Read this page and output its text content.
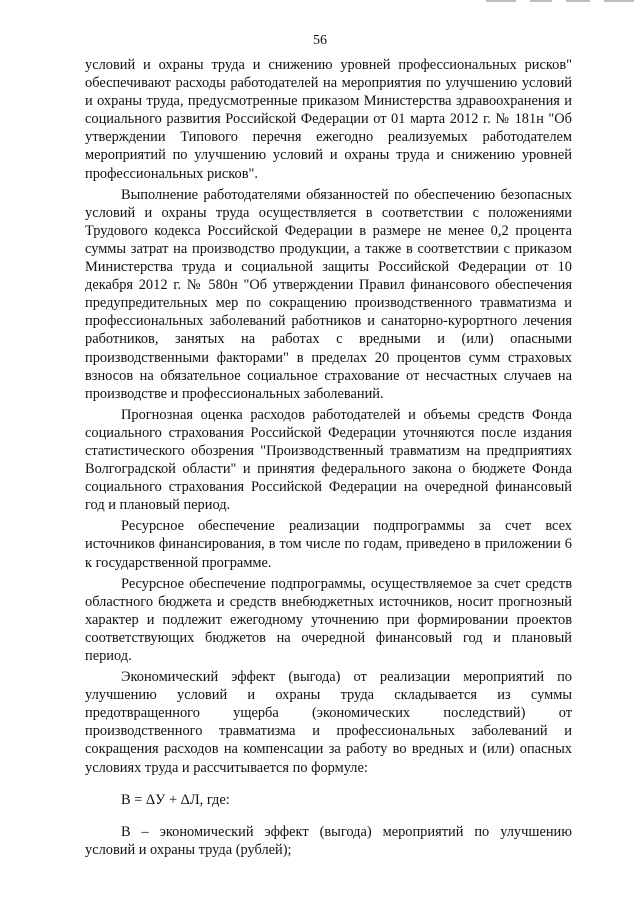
56

условий и охраны труда и снижению уровней профессиональных рисков" обеспечивают расходы работодателей на мероприятия по улучшению условий и охраны труда, предусмотренные приказом Министерства здравоохранения и социального развития Российской Федерации от 01 марта 2012 г. № 181н "Об утверждении Типового перечня ежегодно реализуемых работодателем мероприятий по улучшению условий и охраны труда и снижению уровней профессиональных рисков".

Выполнение работодателями обязанностей по обеспечению безопасных условий и охраны труда осуществляется в соответствии с положениями Трудового кодекса Российской Федерации в размере не менее 0,2 процента суммы затрат на производство продукции, а также в соответствии с приказом Министерства труда и социальной защиты Российской Федерации от 10 декабря 2012 г. № 580н "Об утверждении Правил финансового обеспечения предупредительных мер по сокращению производственного травматизма и профессиональных заболеваний работников и санаторно-курортного лечения работников, занятых на работах с вредными и (или) опасными производственными факторами" в пределах 20 процентов сумм страховых взносов на обязательное социальное страхование от несчастных случаев на производстве и профессиональных заболеваний.

Прогнозная оценка расходов работодателей и объемы средств Фонда социального страхования Российской Федерации уточняются после издания статистического обозрения "Производственный травматизм на предприятиях Волгоградской области" и принятия федерального закона о бюджете Фонда социального страхования Российской Федерации на очередной финансовый год и плановый период.

Ресурсное обеспечение реализации подпрограммы за счет всех источников финансирования, в том числе по годам, приведено в приложении 6 к государственной программе.

Ресурсное обеспечение подпрограммы, осуществляемое за счет средств областного бюджета и средств внебюджетных источников, носит прогнозный характер и подлежит ежегодному уточнению при формировании проектов соответствующих бюджетов на очередной финансовый год и плановый период.

Экономический эффект (выгода) от реализации мероприятий по улучшению условий и охраны труда складывается из суммы предотвращенного ущерба (экономических последствий) от производственного травматизма и профессиональных заболеваний и сокращения расходов на компенсации за работу во вредных и (или) опасных условиях труда и рассчитывается по формуле:

В = ΔУ + ΔЛ, где:

В – экономический эффект (выгода) мероприятий по улучшению условий и охраны труда (рублей);
